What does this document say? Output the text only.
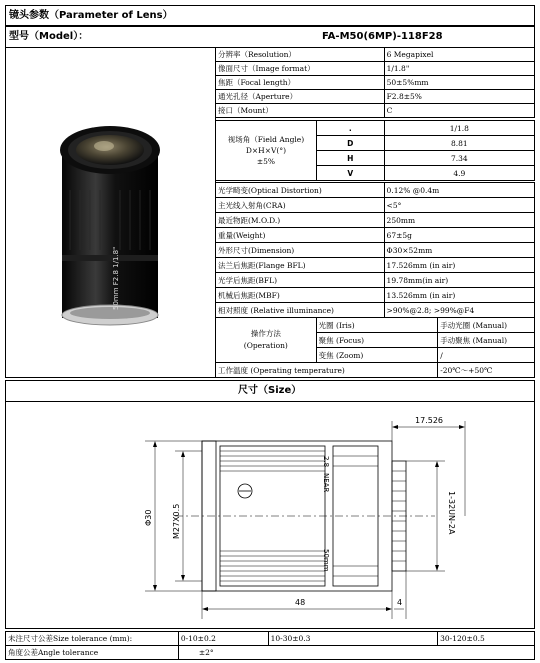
镜头参数（Parameter of Lens）
型号（Model）：	FA-M50(6MP)-118F28
50mm F2.8 1/1.8"
分辨率（Resolution）	6 Megapixel
像面尺寸（Image format）	1/1.8"
焦距（Focal length）	50±5%mm
通光孔径（Aperture）	F2.8±5%
接口（Mount）	C
视场角（Field Angle)
D×H×V(°)
±5%	.	1/1.8
	D	8.81
	H	7.34
	V	4.9
光学畸变(Optical Distortion)	0.12% @0.4m
主光线入射角(CRA)	<5°
最近物距(M.O.D.)	250mm
重量(Weight)	67±5g
外形尺寸(Dimension)	Φ30×52mm
法兰后焦距(Flange BFL)	17.526mm (in air)
光学后焦距(BFL)	19.78mm(in air)
机械后焦距(MBF)	13.526mm (in air)
相对照度 (Relative illuminance)	>90%@2.8; >99%@F4
操作方法
(Operation)	光圈 (Iris)	手动光圈 (Manual)
	聚焦 (Focus)	手动聚焦 (Manual)
	变焦 (Zoom)	/
工作温度 (Operating temperature)		-20℃～+50℃
尺寸（Size）
2.8
NEAR
50mm
Φ30 M27X0.5	1-32UN-2A
48	4
17.526
未注尺寸公差Size tolerance (mm):	0-10±0.2	10-30±0.3	30-120±0.5
角度公差Angle tolerance	±2°		
